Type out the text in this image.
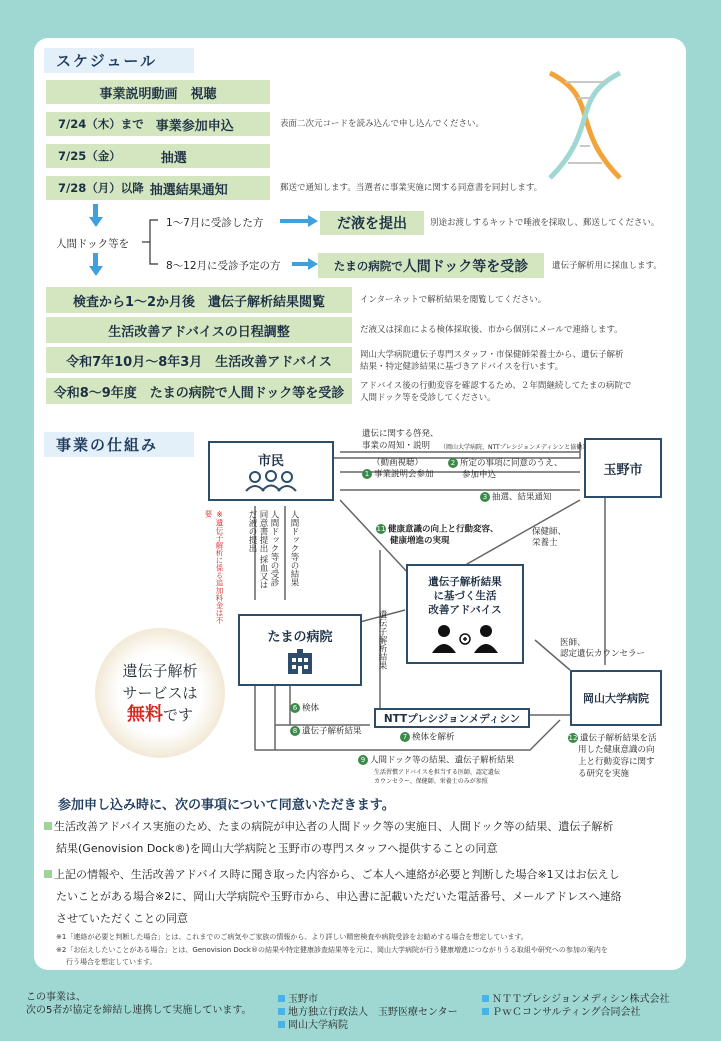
スケジュール
事業説明動画　視聴
7/24（木）まで 事業参加申込	表面二次元コードを読み込んで申し込んでください。
7/25（金）	抽選
7/28（月）以降 抽選結果通知	郵送で通知します。当選者に事業実施に関する同意書を同封します。
人間ドック等を
1〜7月に受診した方	だ液を提出	別途お渡しするキットで唾液を採取し、郵送してください。
8〜12月に受診予定の方	たまの病院で 人間ドック等を受診	遺伝子解析用に採血します。
検査から1〜2か月後　遺伝子解析結果閲覧	インターネットで解析結果を閲覧してください。
生活改善アドバイスの日程調整	だ液又は採血による検体採取後、市から個別にメールで連絡します。
令和7年10月〜8年3月　生活改善アドバイス	岡山大学病院遺伝子専門スタッフ・市保健師栄養士から、遺伝子解析
結果・特定健診結果に基づきアドバイスを行います。
令和8〜9年度　たまの病院で人間ドック等を受診	アドバイス後の行動変容を確認するため、２年間継続してたまの病院で
人間ドック等を受診してください。
事業の仕組み
市民
玉野市
たまの病院
遺伝子解析結果
に基づく生活
改善アドバイス
NTTプレシジョンメディシン
岡山大学病院
遺伝に関する啓発、
事業の周知・説明 （岡山大学病院、NTTプレシジョンメディシンと協働）
（動画視聴）
1 事業説明会参加
2 所定の事項に同意のうえ、
参加申込
3 抽選、結果通知
11 健康意識の向上と行動変容、
健康増進の実現
保健師、
栄養士
医師、
認定遺伝カウンセラー
人間ドック等の受診 同意書提出 採血又はだ液の提出	人間ドック等の結果
遺伝子解析結果
※遺伝子解析に係る追加料金は不要
6 検体
8 遺伝子解析結果
7 検体を解析
9 人間ドック等の結果、遺伝子解析結果
生活習慣アドバイスを担当する医師、認定遺伝
カウンセラー、保健師、栄養士のみが参照
12 遺伝子解析結果を活
用した健康意識の向
上と行動変容に関す
る研究を実施
遺伝子解析
サービスは
無料です
参加申し込み時に、次の事項について同意いただきます。
生活改善アドバイス実施のため、たまの病院が申込者の人間ドック等の実施日、人間ドック等の結果、遺伝子解析
結果(Genovision Dock®)を岡山大学病院と玉野市の専門スタッフへ提供することの同意
上記の情報や、生活改善アドバイス時に聞き取った内容から、ご本人へ連絡が必要と判断した場合※1又はお伝えし
たいことがある場合※2に、岡山大学病院や玉野市から、申込書に記載いただいた電話番号、メールアドレスへ連絡
させていただくことの同意
※1「連絡が必要と判断した場合」とは、これまでのご病気やご家族の情報から、より詳しい精密検査や病院受診をお勧めする場合を想定しています。
※2「お伝えしたいことがある場合」とは、Genovision Dock®の結果や特定健康診査結果等を元に、岡山大学病院が行う健康増進につながりうる取組や研究への参加の案内を
行う場合を想定しています。
この事業は、
次の5者が協定を締結し連携して実施しています。
玉野市
地方独立行政法人　玉野医療センター
岡山大学病院
ＮＴＴプレシジョンメディシン株式会社
ＰｗＣコンサルティング合同会社
